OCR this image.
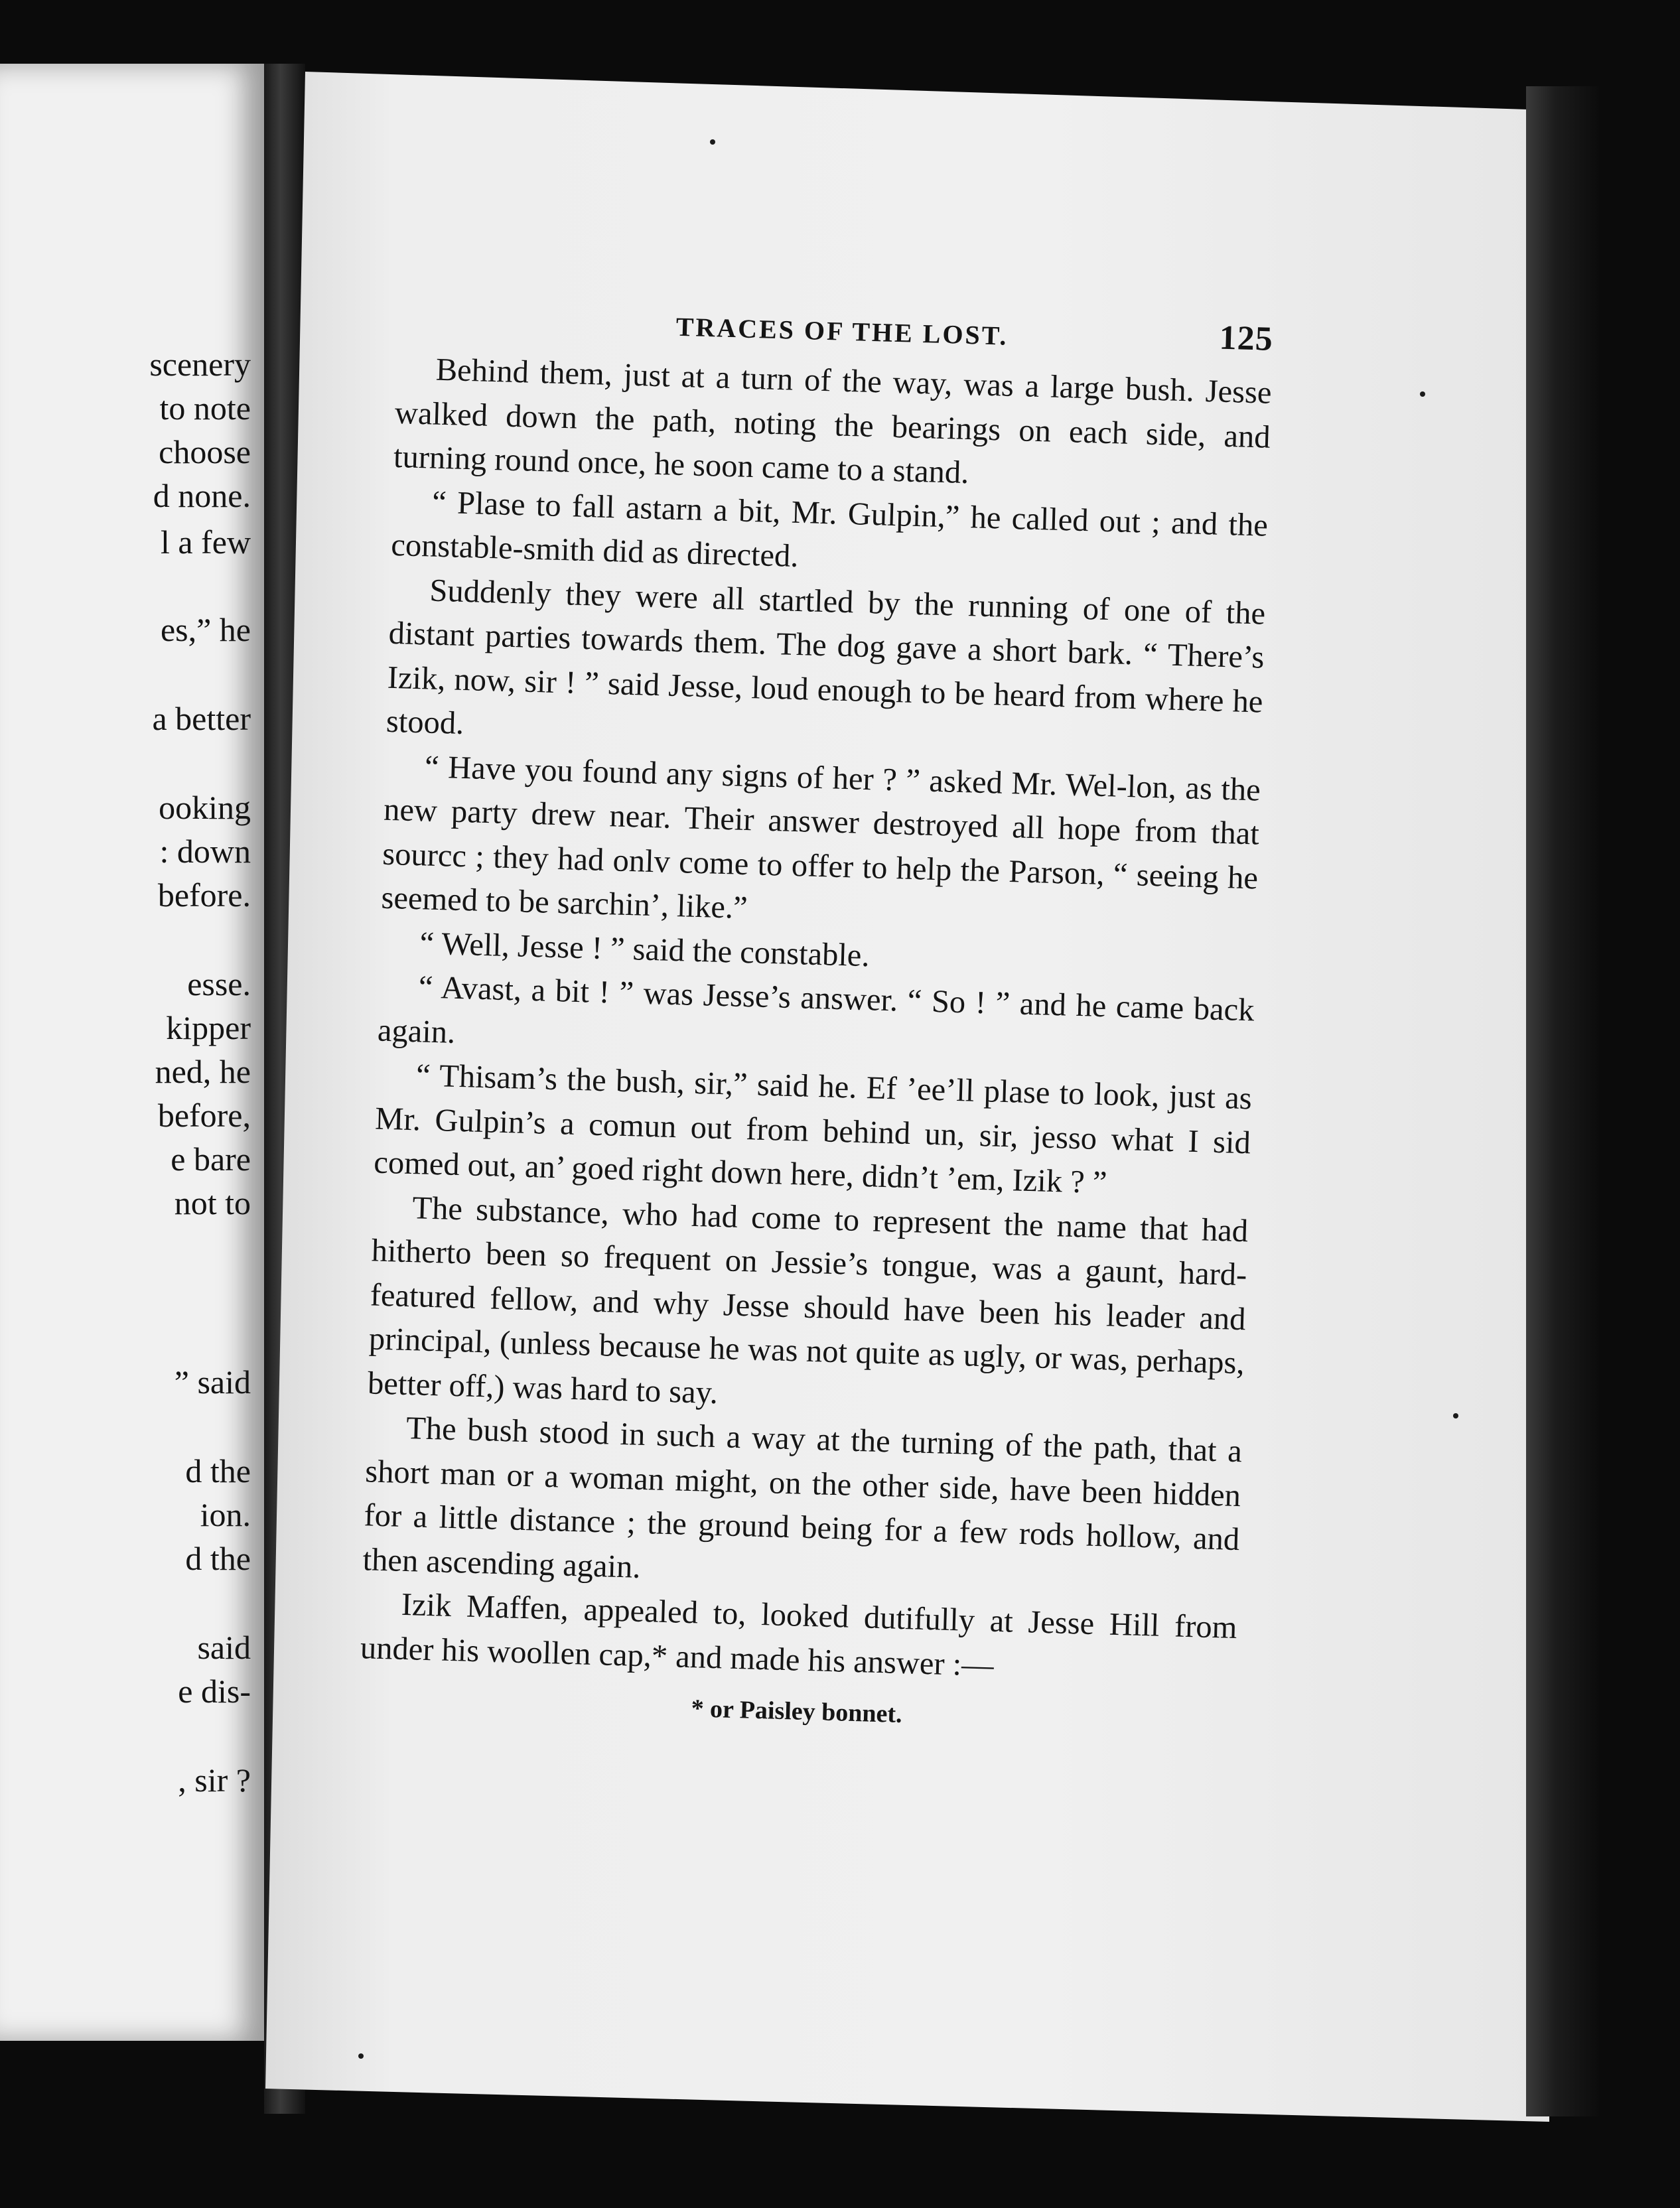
scenery
to note
choose
d none.
l a few
es,” he
a better
ooking
: down
before.
esse.
kipper
ned, he
before,
e bare
not to
” said
d the
ion.
d the
said
e dis-
, sir ?
TRACES OF THE LOST.	125

Behind them, just at a turn of the way, was a large bush. Jesse walked down the path, noting the bearings on each side, and turning round once, he soon came to a stand.

“ Plase to fall astarn a bit, Mr. Gulpin,” he called out ; and the constable-smith did as directed.

Suddenly they were all startled by the running of one of the distant parties towards them. The dog gave a short bark. “ There’s Izik, now, sir ! ” said Jesse, loud enough to be heard from where he stood.

“ Have you found any signs of her ? ” asked Mr. Wel-lon, as the new party drew near. Their answer destroyed all hope from that sourcc ; they had onlv come to offer to help the Parson, “ seeing he seemed to be sarchin’, like.”

“ Well, Jesse ! ” said the constable.

“ Avast, a bit ! ” was Jesse’s answer. “ So ! ” and he came back again.

“ Thisam’s the bush, sir,” said he. Ef ’ee’ll plase to look, just as Mr. Gulpin’s a comun out from behind un, sir, jesso what I sid comed out, an’ goed right down here, didn’t ’em, Izik ? ”

The substance, who had come to represent the name that had hitherto been so frequent on Jessie’s tongue, was a gaunt, hard-featured fellow, and why Jesse should have been his leader and principal, (unless because he was not quite as ugly, or was, perhaps, better off,) was hard to say.

The bush stood in such a way at the turning of the path, that a short man or a woman might, on the other side, have been hidden for a little distance ; the ground being for a few rods hollow, and then ascending again.

Izik Maffen, appealed to, looked dutifully at Jesse Hill from under his woollen cap,* and made his answer :—

* or Paisley bonnet.
